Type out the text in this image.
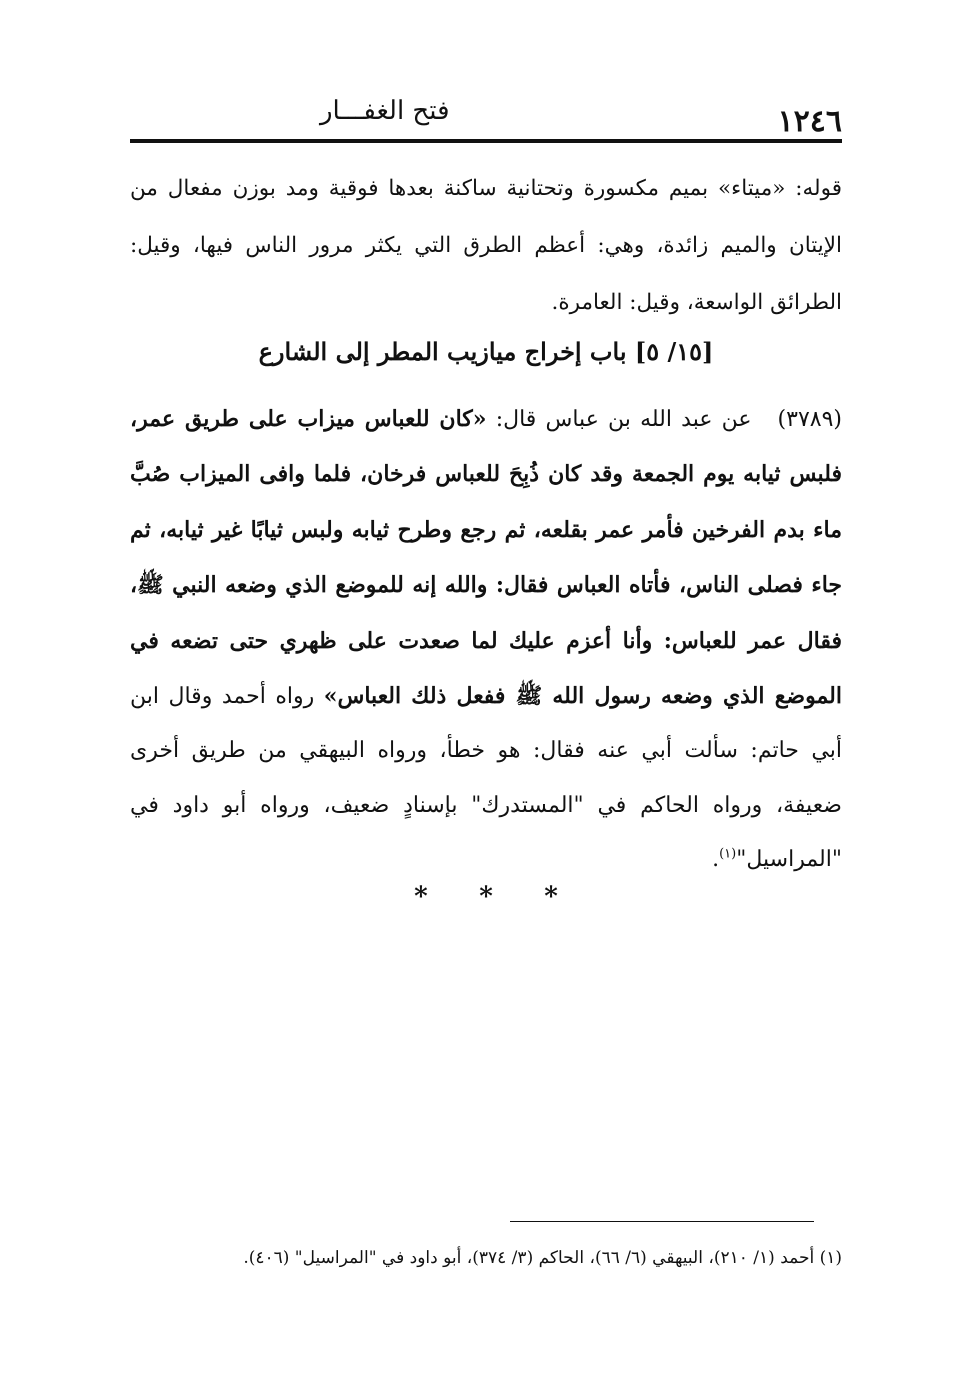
١٢٤٦
فتح الغفـــار

قوله: «ميتاء» بميم مكسورة وتحتانية ساكنة بعدها فوقية ومد بوزن مفعال من الإيتان والميم زائدة، وهي: أعظم الطرق التي يكثر مرور الناس فيها، وقيل: الطرائق الواسعة، وقيل: العامرة.

[١٥/ ٥] باب إخراج ميازيب المطر إلى الشارع

(٣٧٨٩)عن عبد الله بن عباس قال: «كان للعباس ميزاب على طريق عمر، فلبس ثيابه يوم الجمعة وقد كان ذُبِحَ للعباس فرخان، فلما وافى الميزاب صُبَّ ماء بدم الفرخين فأمر عمر بقلعه، ثم رجع وطرح ثيابه ولبس ثيابًا غير ثيابه، ثم جاء فصلى الناس، فأتاه العباس فقال: والله إنه للموضع الذي وضعه النبي ﷺ، فقال عمر للعباس: وأنا أعزم عليك لما صعدت على ظهري حتى تضعه في الموضع الذي وضعه رسول الله ﷺ ففعل ذلك العباس» رواه أحمد وقال ابن أبي حاتم: سألت أبي عنه فقال: هو خطأ، ورواه البيهقي من طريق أخرى ضعيفة، ورواه الحاكم في "المستدرك" بإسنادٍ ضعيف، ورواه أبو داود في "المراسيل"$^{(١)}$.

* * *

(١) أحمد (١/ ٢١٠)، البيهقي (٦/ ٦٦)، الحاكم (٣/ ٣٧٤)، أبو داود في "المراسيل" (٤٠٦).
